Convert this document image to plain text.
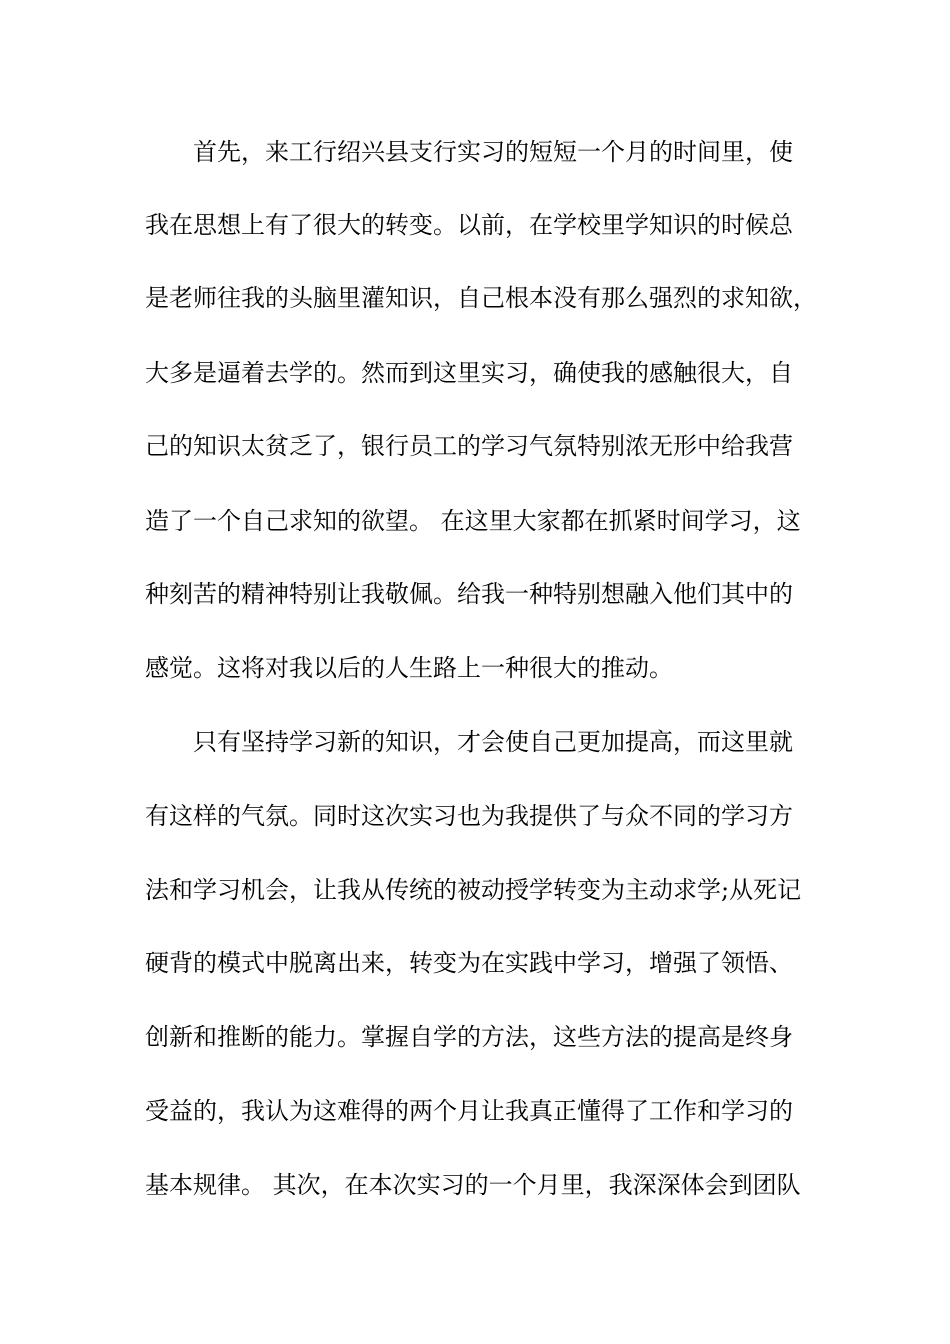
首先，来工行绍兴县支行实习的短短一个月的时间里，使
我在思想上有了很大的转变。以前，在学校里学知识的时候总
是老师往我的头脑里灌知识，自己根本没有那么强烈的求知欲，
大多是逼着去学的。然而到这里实习，确使我的感触很大，自
己的知识太贫乏了，银行员工的学习气氛特别浓无形中给我营
造了一个自己求知的欲望。 在这里大家都在抓紧时间学习，这
种刻苦的精神特别让我敬佩。给我一种特别想融入他们其中的
感觉。这将对我以后的人生路上一种很大的推动。
只有坚持学习新的知识，才会使自己更加提高，而这里就
有这样的气氛。同时这次实习也为我提供了与众不同的学习方
法和学习机会，让我从传统的被动授学转变为主动求学;从死记
硬背的模式中脱离出来，转变为在实践中学习，增强了领悟、
创新和推断的能力。掌握自学的方法，这些方法的提高是终身
受益的，我认为这难得的两个月让我真正懂得了工作和学习的
基本规律。 其次，在本次实习的一个月里，我深深体会到团队
